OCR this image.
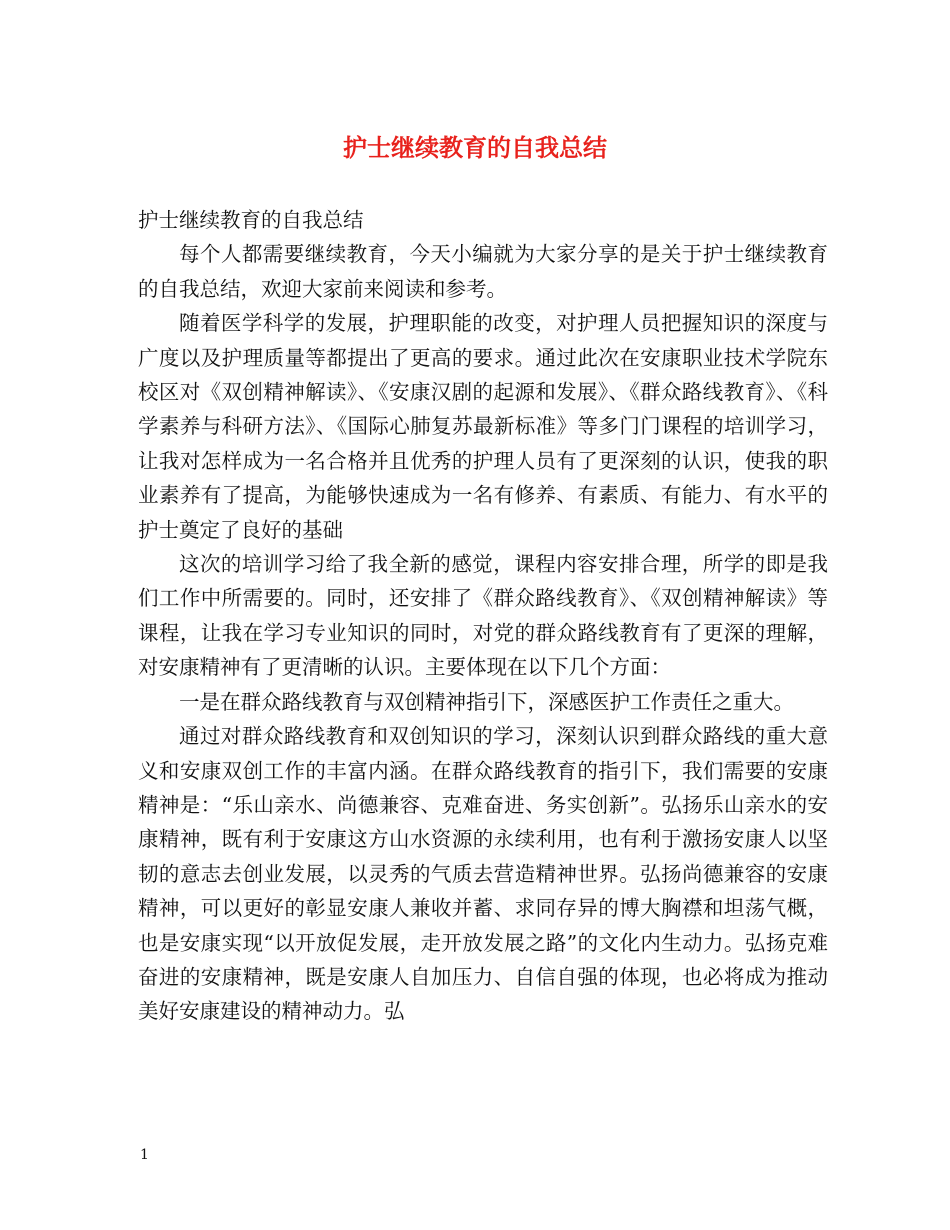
护士继续教育的自我总结

护士继续教育的自我总结

每个人都需要继续教育，今天小编就为大家分享的是关于护士继续教育的自我总结，欢迎大家前来阅读和参考。

随着医学科学的发展，护理职能的改变，对护理人员把握知识的深度与广度以及护理质量等都提出了更高的要求。通过此次在安康职业技术学院东校区对《双创精神解读》、《安康汉剧的起源和发展》、《群众路线教育》、《科学素养与科研方法》、《国际心肺复苏最新标准》等多门门课程的培训学习，让我对怎样成为一名合格并且优秀的护理人员有了更深刻的认识，使我的职业素养有了提高，为能够快速成为一名有修养、有素质、有能力、有水平的护士奠定了良好的基础

这次的培训学习给了我全新的感觉，课程内容安排合理，所学的即是我们工作中所需要的。同时，还安排了《群众路线教育》、《双创精神解读》等课程，让我在学习专业知识的同时，对党的群众路线教育有了更深的理解，对安康精神有了更清晰的认识。主要体现在以下几个方面：

一是在群众路线教育与双创精神指引下，深感医护工作责任之重大。

通过对群众路线教育和双创知识的学习，深刻认识到群众路线的重大意义和安康双创工作的丰富内涵。在群众路线教育的指引下，我们需要的安康精神是：“乐山亲水、尚德兼容、克难奋进、务实创新”。弘扬乐山亲水的安康精神，既有利于安康这方山水资源的永续利用，也有利于激扬安康人以坚韧的意志去创业发展，以灵秀的气质去营造精神世界。弘扬尚德兼容的安康精神，可以更好的彰显安康人兼收并蓄、求同存异的博大胸襟和坦荡气概，也是安康实现“以开放促发展，走开放发展之路”的文化内生动力。弘扬克难奋进的安康精神，既是安康人自加压力、自信自强的体现，也必将成为推动美好安康建设的精神动力。弘

1
